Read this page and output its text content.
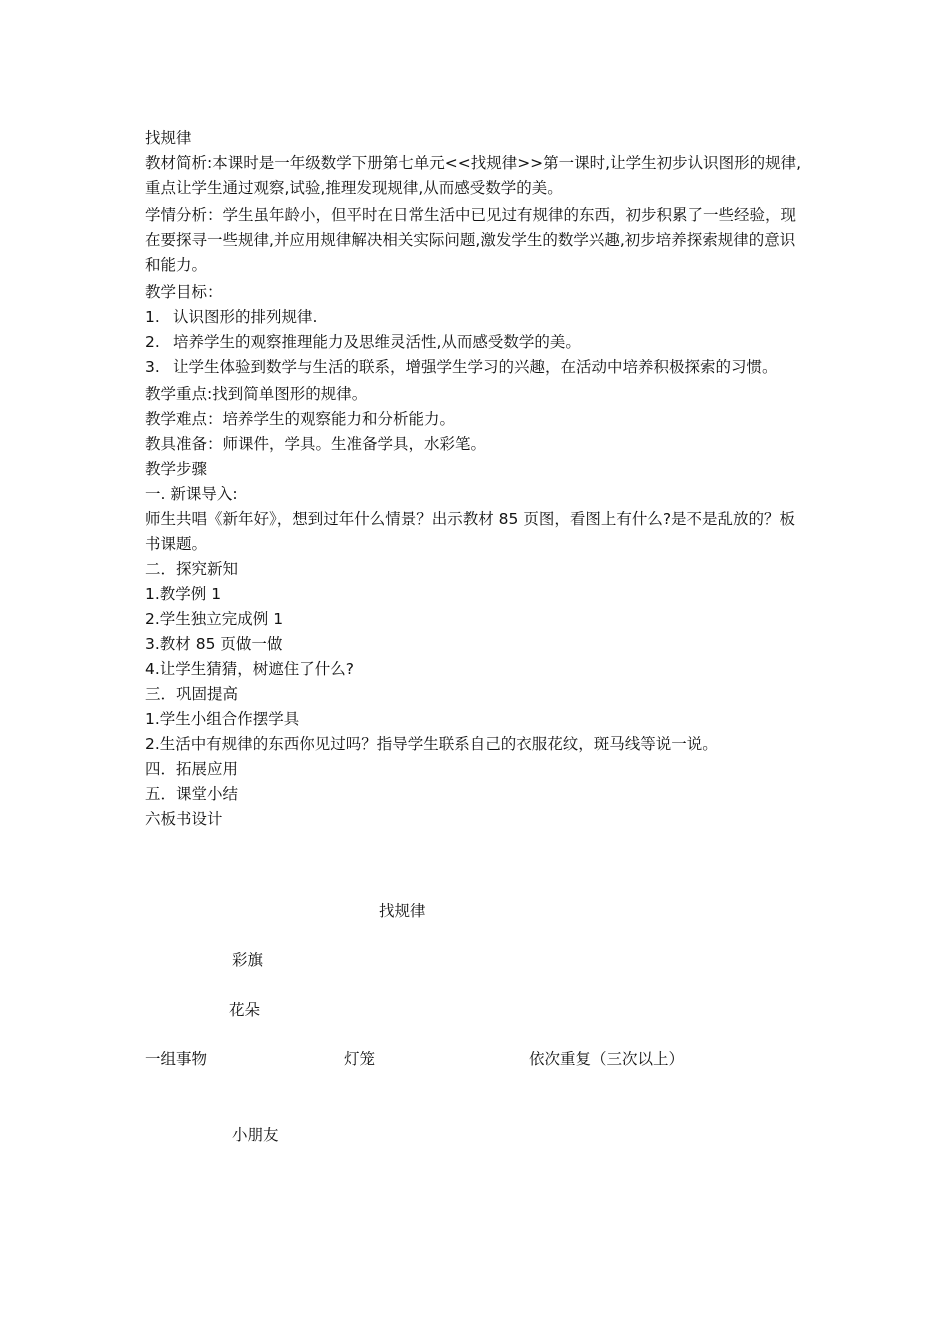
找规律

教材简析:本课时是一年级数学下册第七单元<<找规律>>第一课时,让学生初步认识图形的规律,重点让学生通过观察,试验,推理发现规律,从而感受数学的美。

学情分析：学生虽年龄小，但平时在日常生活中已见过有规律的东西，初步积累了一些经验，现在要探寻一些规律,并应用规律解决相关实际问题,激发学生的数学兴趣,初步培养探索规律的意识和能力。

教学目标：

1. 认识图形的排列规律.

2. 培养学生的观察推理能力及思维灵活性,从而感受数学的美。

3. 让学生体验到数学与生活的联系，增强学生学习的兴趣，在活动中培养积极探索的习惯。

教学重点:找到简单图形的规律。

教学难点：培养学生的观察能力和分析能力。

教具准备：师课件，学具。生准备学具，水彩笔。

教学步骤

一. 新课导入:

师生共唱《新年好》，想到过年什么情景？出示教材 85 页图，看图上有什么?是不是乱放的？板书课题。

二．探究新知

1.教学例 1

2.学生独立完成例 1

3.教材 85 页做一做

4.让学生猜猜，树遮住了什么?

三．巩固提高

1.学生小组合作摆学具

2.生活中有规律的东西你见过吗？指导学生联系自己的衣服花纹，斑马线等说一说。

四．拓展应用

五．课堂小结

六板书设计

找规律
彩旗
花朵
一组事物	灯笼	依次重复（三次以上）
小朋友
